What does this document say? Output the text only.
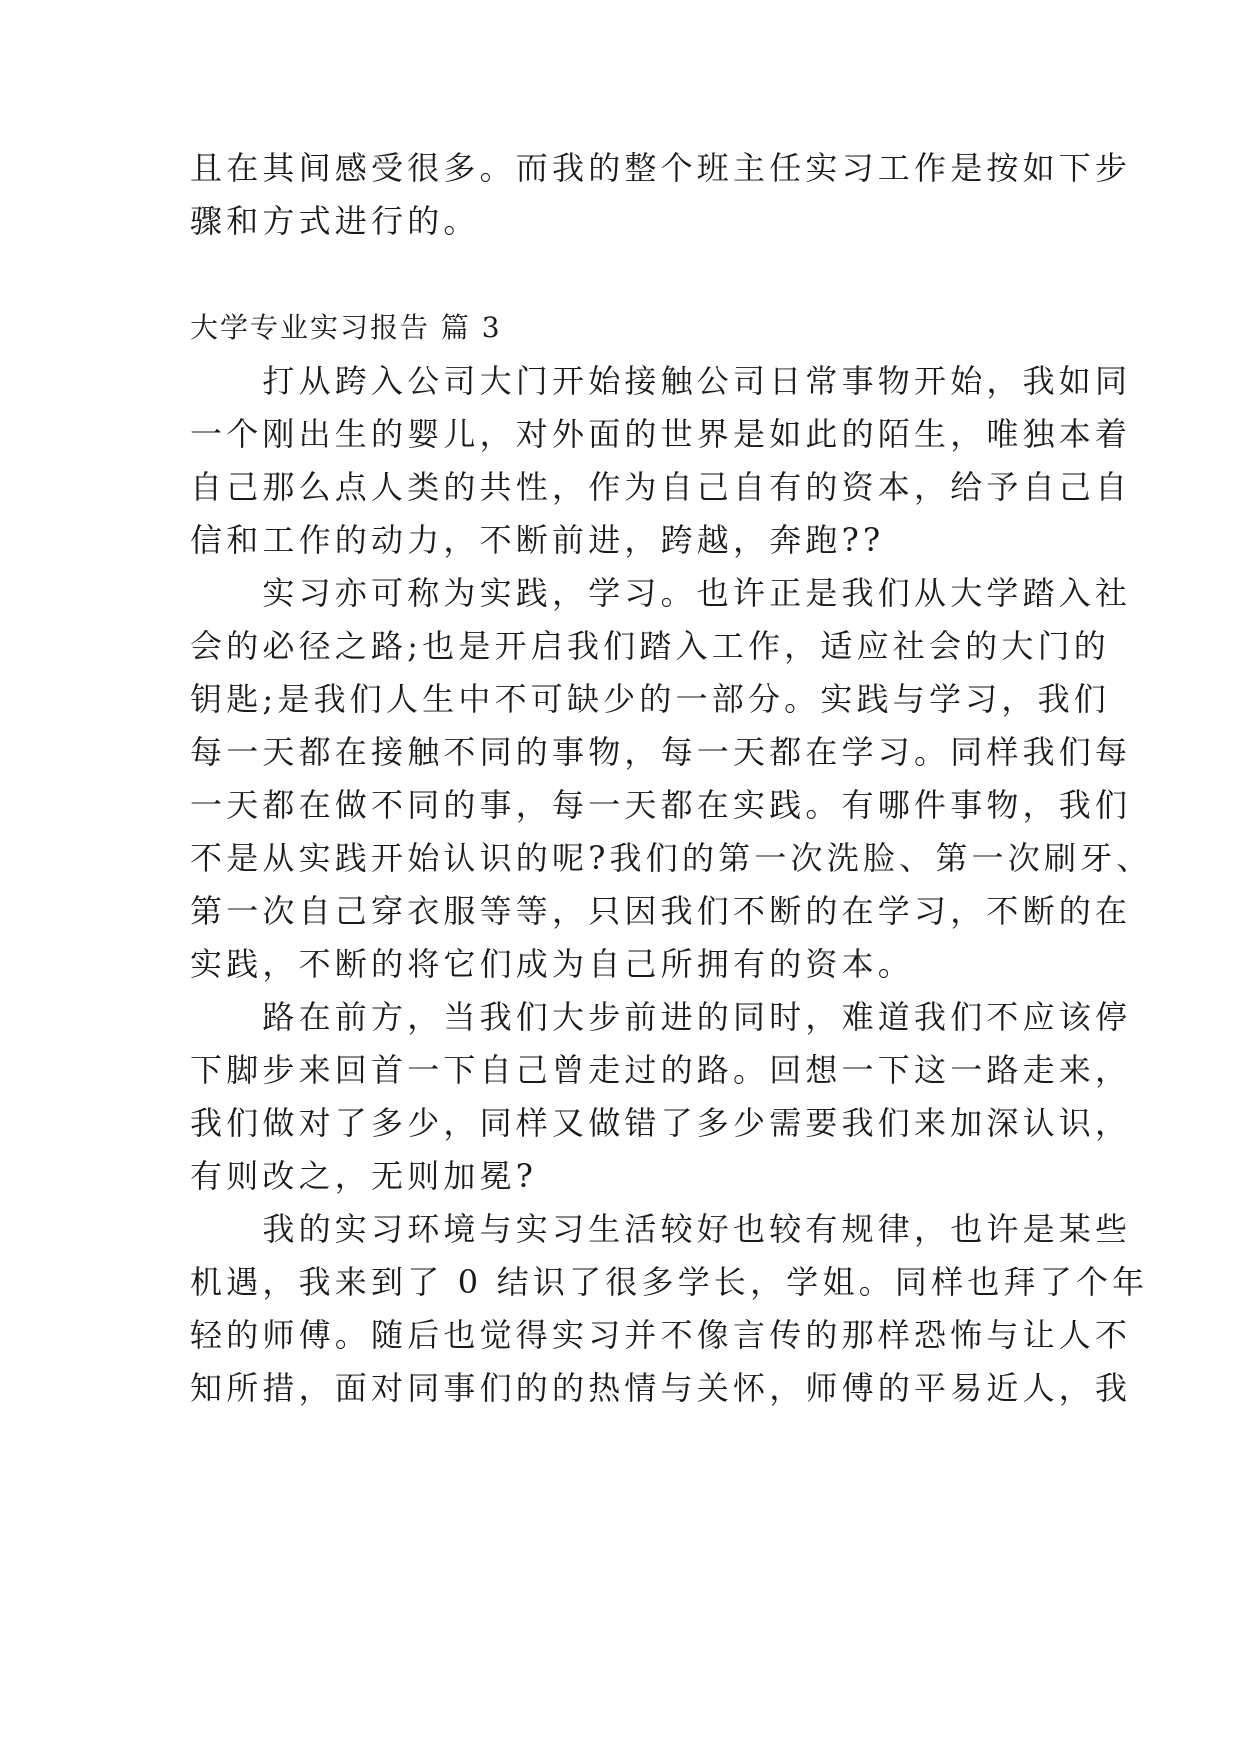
且在其间感受很多。而我的整个班主任实习工作是按如下步
骤和方式进行的。
大学专业实习报告 篇 3
　　打从跨入公司大门开始接触公司日常事物开始，我如同
一个刚出生的婴儿，对外面的世界是如此的陌生，唯独本着
自己那么点人类的共性，作为自己自有的资本，给予自己自
信和工作的动力，不断前进，跨越，奔跑??
　　实习亦可称为实践，学习。也许正是我们从大学踏入社
会的必径之路;也是开启我们踏入工作，适应社会的大门的
钥匙;是我们人生中不可缺少的一部分。实践与学习，我们
每一天都在接触不同的事物，每一天都在学习。同样我们每
一天都在做不同的事，每一天都在实践。有哪件事物，我们
不是从实践开始认识的呢?我们的第一次洗脸、第一次刷牙、
第一次自己穿衣服等等，只因我们不断的在学习，不断的在
实践，不断的将它们成为自己所拥有的资本。
　　路在前方，当我们大步前进的同时，难道我们不应该停
下脚步来回首一下自己曾走过的路。回想一下这一路走来，
我们做对了多少，同样又做错了多少需要我们来加深认识，
有则改之，无则加冕?
　　我的实习环境与实习生活较好也较有规律，也许是某些
机遇，我来到了 0 结识了很多学长，学姐。同样也拜了个年
轻的师傅。随后也觉得实习并不像言传的那样恐怖与让人不
知所措，面对同事们的的热情与关怀，师傅的平易近人，我
